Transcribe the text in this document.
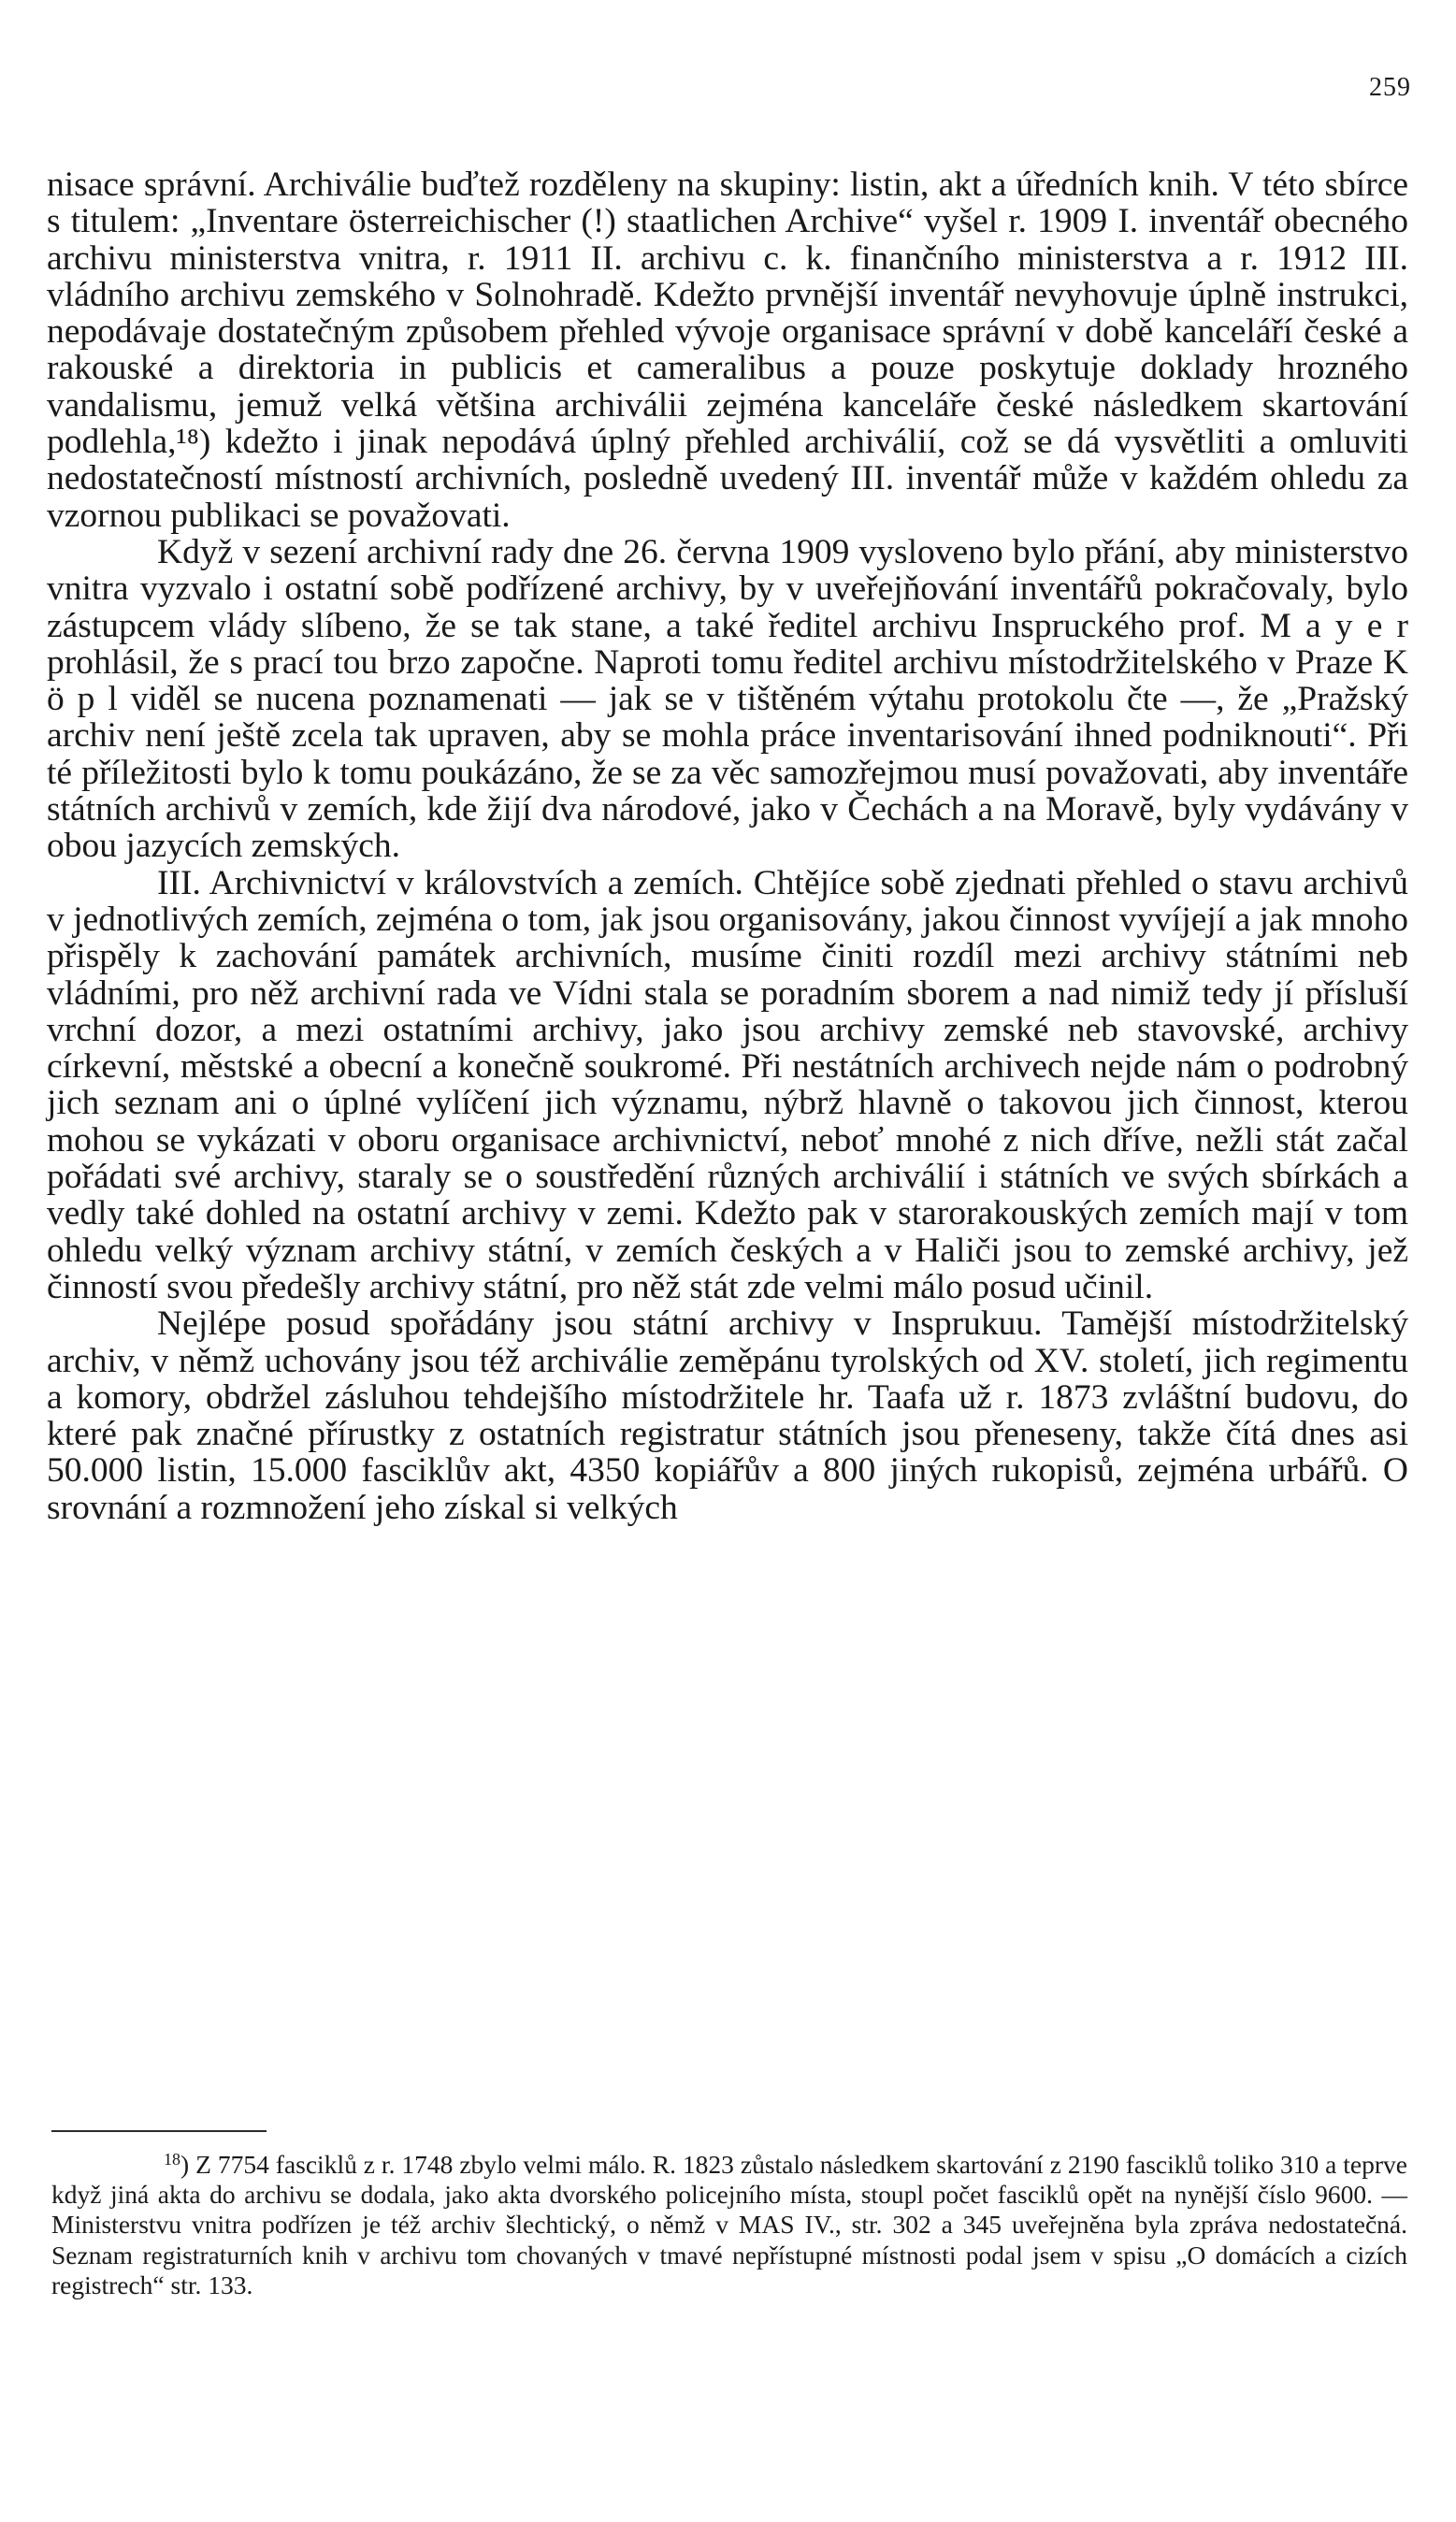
259

nisace správní. Archiválie buďtež rozděleny na skupiny: listin, akt a úředních knih. V této sbírce s titulem: „Inventare österreichischer (!) staatlichen Archive“ vyšel r. 1909 I. inventář obecného archivu ministerstva vnitra, r. 1911 II. archivu c. k. finančního ministerstva a r. 1912 III. vládního archivu zemského v Solnohradě. Kdežto prvnější inventář nevyhovuje úplně instrukci, nepodávaje dostatečným způsobem přehled vývoje organisace správní v době kanceláří české a rakouské a direktoria in publicis et cameralibus a pouze poskytuje doklady hrozného vandalismu, jemuž velká většina archiválii zejména kanceláře české následkem skartování podlehla,¹⁸) kdežto i jinak nepodává úplný přehled archiválií, což se dá vysvětliti a omluviti nedostatečností místností archivních, posledně uvedený III. inventář může v každém ohledu za vzornou publikaci se považovati.

Když v sezení archivní rady dne 26. června 1909 vysloveno bylo přání, aby ministerstvo vnitra vyzvalo i ostatní sobě podřízené archivy, by v uveřejňování inventářů pokračovaly, bylo zástupcem vlády slíbeno, že se tak stane, a také ředitel archivu Inspruckého prof. M a y e r prohlásil, že s prací tou brzo započne. Naproti tomu ředitel archivu místodržitelského v Praze K ö p l viděl se nucena poznamenati — jak se v tištěném výtahu protokolu čte —, že „Pražský archiv není ještě zcela tak upraven, aby se mohla práce inventarisování ihned podniknouti“. Při té příležitosti bylo k tomu poukázáno, že se za věc samozřejmou musí považovati, aby inventáře státních archivů v zemích, kde žijí dva národové, jako v Čechách a na Moravě, byly vydávány v obou jazycích zemských.

III. Archivnictví v královstvích a zemích. Chtějíce sobě zjednati přehled o stavu archivů v jednotlivých zemích, zejména o tom, jak jsou organisovány, jakou činnost vyvíjejí a jak mnoho přispěly k zachování památek archivních, musíme činiti rozdíl mezi archivy státními neb vládními, pro něž archivní rada ve Vídni stala se poradním sborem a nad nimiž tedy jí přísluší vrchní dozor, a mezi ostatními archivy, jako jsou archivy zemské neb stavovské, archivy církevní, městské a obecní a konečně soukromé. Při nestátních archivech nejde nám o podrobný jich seznam ani o úplné vylíčení jich významu, nýbrž hlavně o takovou jich činnost, kterou mohou se vykázati v oboru organisace archivnictví, neboť mnohé z nich dříve, nežli stát začal pořádati své archivy, staraly se o soustředění různých archiválií i státních ve svých sbírkách a vedly také dohled na ostatní archivy v zemi. Kdežto pak v starorakouských zemích mají v tom ohledu velký význam archivy státní, v zemích českých a v Haliči jsou to zemské archivy, jež činností svou předešly archivy státní, pro něž stát zde velmi málo posud učinil.

Nejlépe posud spořádány jsou státní archivy v Insprukuu. Tamější místodržitelský archiv, v němž uchovány jsou též archiválie zeměpánu tyrolských od XV. století, jich regimentu a komory, obdržel zásluhou tehdejšího místodržitele hr. Taafa už r. 1873 zvláštní budovu, do které pak značné přírustky z ostatních registratur státních jsou přeneseny, takže čítá dnes asi 50.000 listin, 15.000 fasciklův akt, 4350 kopiářův a 800 jiných rukopisů, zejména urbářů. O srovnání a rozmnožení jeho získal si velkých

$^{18}$) Z 7754 fasciklů z r. 1748 zbylo velmi málo. R. 1823 zůstalo následkem skartování z 2190 fasciklů toliko 310 a teprve když jiná akta do archivu se dodala, jako akta dvorského policejního místa, stoupl počet fasciklů opět na nynější číslo 9600. — Ministerstvu vnitra podřízen je též archiv šlechtický, o němž v MAS IV., str. 302 a 345 uveřejněna byla zpráva nedostatečná. Seznam registraturních knih v archivu tom chovaných v tmavé nepřístupné místnosti podal jsem v spisu „O domácích a cizích registrech“ str. 133.
